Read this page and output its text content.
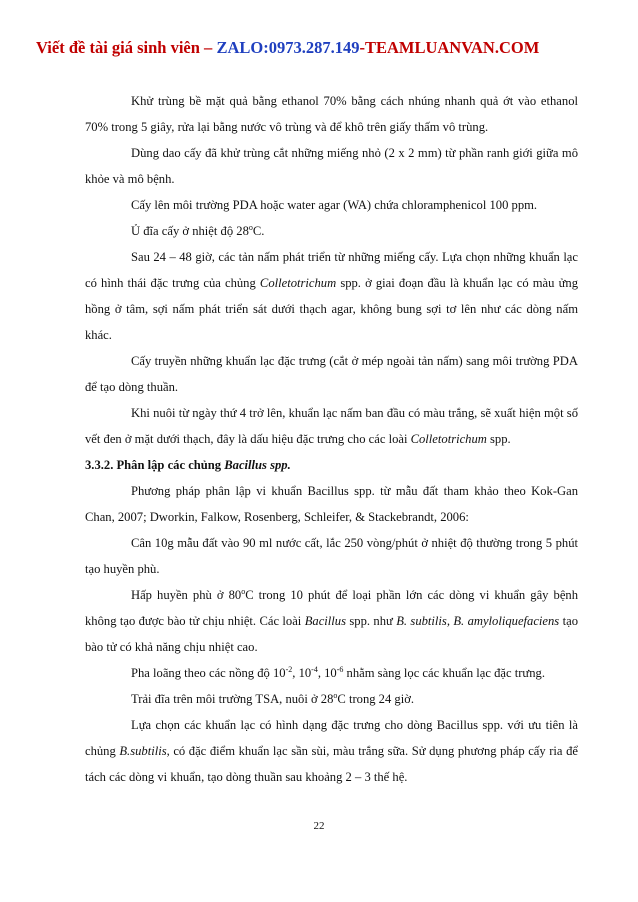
Viết đề tài giá sinh viên – ZALO:0973.287.149-TEAMLUANVAN.COM

Khử trùng bề mặt quả bằng ethanol 70% bằng cách nhúng nhanh quả ớt vào ethanol 70% trong 5 giây, rửa lại bằng nước vô trùng và để khô trên giấy thấm vô trùng.

Dùng dao cấy đã khử trùng cắt những miếng nhỏ (2 x 2 mm) từ phần ranh giới giữa mô khỏe và mô bệnh.

Cấy lên môi trường PDA hoặc water agar (WA) chứa chloramphenicol 100 ppm.

Ủ đĩa cấy ở nhiệt độ 28$^o$C.

Sau 24 – 48 giờ, các tản nấm phát triển từ những miếng cấy. Lựa chọn những khuẩn lạc có hình thái đặc trưng của chủng Colletotrichum spp. ở giai đoạn đầu là khuẩn lạc có màu ửng hồng ở tâm, sợi nấm phát triển sát dưới thạch agar, không bung sợi tơ lên như các dòng nấm khác.

Cấy truyền những khuẩn lạc đặc trưng (cắt ở mép ngoài tản nấm) sang môi trường PDA để tạo dòng thuần.

Khi nuôi từ ngày thứ 4 trở lên, khuẩn lạc nấm ban đầu có màu trắng, sẽ xuất hiện một số vết đen ở mặt dưới thạch, đây là dấu hiệu đặc trưng cho các loài Colletotrichum spp.

3.3.2. Phân lập các chủng Bacillus spp.

Phương pháp phân lập vi khuẩn Bacillus spp. từ mẫu đất tham khảo theo Kok-Gan Chan, 2007; Dworkin, Falkow, Rosenberg, Schleifer, & Stackebrandt, 2006:

Cân 10g mẫu đất vào 90 ml nước cất, lắc 250 vòng/phút ở nhiệt độ thường trong 5 phút tạo huyền phù.

Hấp huyền phù ở 80$^o$C trong 10 phút để loại phần lớn các dòng vi khuẩn gây bệnh không tạo được bào tử chịu nhiệt. Các loài Bacillus spp. như B. subtilis, B. amyloliquefaciens tạo bào tử có khả năng chịu nhiệt cao.

Pha loãng theo các nồng độ $10^{-2}$, $10^{-4}$, $10^{-6}$ nhằm sàng lọc các khuẩn lạc đặc trưng.

Trải đĩa trên môi trường TSA, nuôi ở 28$^o$C trong 24 giờ.

Lựa chọn các khuẩn lạc có hình dạng đặc trưng cho dòng Bacillus spp. với ưu tiên là chủng B.subtilis, có đặc điểm khuẩn lạc sần sùi, màu trắng sữa. Sử dụng phương pháp cấy ria để tách các dòng vi khuẩn, tạo dòng thuần sau khoảng 2 – 3 thế hệ.

22
